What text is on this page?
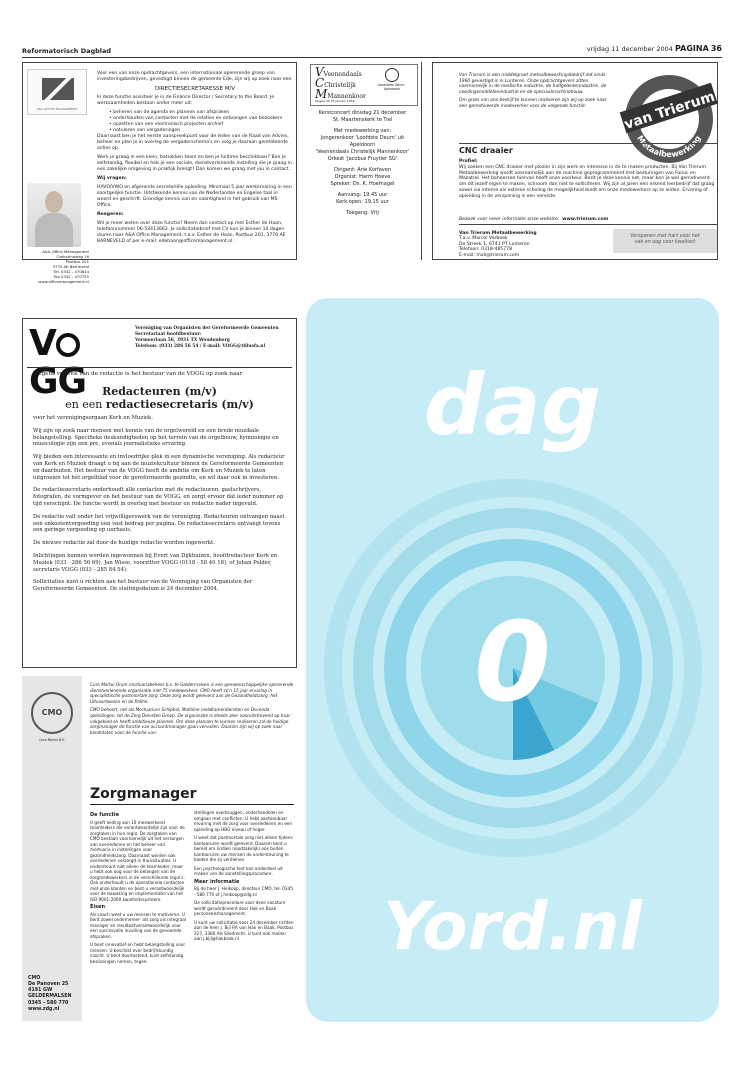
Reformatorisch Dagblad	vrijdag 11 december 2004 PAGINA 36
A&A OFFICE MANAGEMENT
A&A Office Management
Catharinaweg 16
Postbus 201
3770 AE Barneveld
Tel. 0342 - 470844
Fax 0342 - 470755
www.officemanagement.nl

Voor een van onze opdrachtgevers, een internationaal opererende groep van investeringsbedrijven, gevestigd binnen de gemeente Ede, zijn wij op zoek naar een

DIRECTIESECRETARESSE M/V

In deze functie assisteer je in de Finance Director / Secretary to the Board. Je werkzaamheden bestaan onder meer uit:

• beheren van de agenda en plannen van afspraken
• onderhouden van contacten met de relaties en ontvangen van bezoekers
• opzetten van een electronisch projecten archief
• notuleren van vergaderingen

Daarnaast ben je het eerste aanspreekpunt voor de leden van de Raad van Advies, beheer en plan je in overleg de vergaderschema's en volg je daaraan gerelateerde acties op.

Werk je graag in een klein, betrokken team en ben je fulltime beschikbaar? Ben je zelfstandig, flexibel en heb je een sociale, dienstverlenende instelling die je graag in een zakelijke omgeving in praktijk brengt? Dan komen we graag met jou in contact.

Wij vragen:

HAVO/VWO en afgeronde secretariële opleiding. Minimaal 5 jaar werkervaring in een soortgelijke functie. Uitstekende kennis van de Nederlandse en Engelse taal in woord en geschrift. Grondige kennis van en vaardigheid in het gebruik van MS Office.

Reageren:

Wil je meer weten over deze functie? Neem dan contact op met Esther de Haan, telefoonnummer 06-53413663. Je sollicitatiebrief met CV kun je binnen 14 dagen sturen naar A&A Office Management, t.a.v. Esther de Haan, Postbus 201, 3770 AE BARNEVELD of per e-mail: edehaan@officemanagement.nl.

VVeenendaals
CChristelijk
MMannenkoor
Opgericht 23 januari 1956
Loodsteen Deum · Apeldoorn

Kerstconcert dinsdag 21 december
St. Maartenskerk te Tiel

Met medewerking van:
Jongerenkoor 'Loofdste Deum' uit Apeldoorn
'Veenendaals Christelijk Mannenkoor'
Orkest 'Jacobus Fruytier SG'

Dirigent: Arie Korfaven
Organist: Harm Hoeve
Spreker: Ds. K. Hoefnagel

Aanvang: 19.45 uur
Kerk open: 19.15 uur

Toegang: Vrij

Van Trierum is een middelgroot metaalbewerkingsbedrijf dat sinds 1960 gevestigd is in Lunteren. Onze opdrachtgevers zitten voornamelijk in de medische industrie, de halfgeleiderindustrie, de voedingsmiddelenindustrie en de speciaalmachinebouw.

Om groei van ons bedrijf te kunnen realiseren zijn wij op zoek naar een gemotiveerde medewerker voor de volgende functie:	van Trierum
Metaalbewerking
CNC draaier
Profiel:
Wij zoeken een CNC draaier met plezier in zijn werk en interesse in de te maken producten. Bij Van Trierum Metaalbewerking wordt voornamelijk aan de machine geprogrammeerd met besturingen van Fanuc en Mazatrol. Het beheersen hiervan heeft onze voorkeur. Bezit je deze kennis net, maar ben je wel gemotiveerd om dit jezelf eigen te maken, schroom dan niet te solliciteren. Wij zijn al jaren een erkend leerbedrijf dat graag zowel via interne als externe scholing de mogelijkheid biedt om onze medewerkers op te leiden. Ervaring of opleiding in de verspaning is een vereiste.
Bezoek voor meer informatie onze website: www.trierum.com
Van Trierum Metaalbewerking
T.a.v. Marcel Verbeek
De Streek 1, 6741 PT Lunteren
Telefoon: 0318-485778
E-mail: mail@trierum.com
Verspanen met hart voor het
vak en oog voor kwaliteit
VGG
Vereniging van Organisten der Gereformeerde Gemeenten
Secretariaat hoofdbestuur:
Vermeerlaan 56, 3931 TX Woudenberg
Telefoon: (033) 286 56 54 / E-mail: VOGG@tiliusfa.nl
Wegens vertrek van de redactie is het bestuur van de VOGG op zoek naar
Redacteuren (m/v)
en een redactiesecretaris (m/v)

voor het verenigingsorgaan Kerk en Muziek.

Wij zijn op zoek naar mensen met kennis van de orgelwereld en een brede muzikale belangstelling. Specifieke deskundigheden op het terrein van de orgelbouw, hymnologie en musicologie zijn een pre, evenals journalistieke ervaring.

Wij bieden een interessante en invloedrijke plek in een dynamische vereniging. Als redacteur van Kerk en Muziek draagt u bij aan de muziekcultuur binnen de Gereformeerde Gemeenten en daarbuiten. Het bestuur van de VOGG heeft de ambitie om Kerk en Muziek te laten uitgroeien tot hét orgelblad voor de gereformeerde gezindte, en wil daar ook in investeren.

De redactiesecretaris onderhoudt alle contacten met de redacteuren, gastschrijvers, fotografen, de vormgever en het bestuur van de VOGG, en zorgt ervoor dat ieder nummer op tijd verschijnt. De functie wordt in overleg met bestuur en redactie nader ingevuld.

De redactie valt onder het vrijwilligerswerk van de vereniging. Redacteuren ontvangen naast een onkostenvergoeding een vast bedrag per pagina. De redactiesecretaris ontvangt tevens een geringe vergoeding op uurbasis.

De nieuwe redactie zal door de huidige redactie worden ingewerkt.

Inlichtingen kunnen worden ingewonnen bij Evert van Dijkhuizen, hoofdredacteur Kerk en Muziek (033 - 286 56 69), Jan Wisse, voorzitter VOGG (0118 - 58 40 18), of Johan Polder, secretaris VOGG (033 - 285 84 54).

Sollicitaties kunt u richten aan het bestuur van de Vereniging van Organisten der Gereformeerde Gemeenten. De sluitingsdatum is 24 december 2004.

CMO
Curo Mortui B.V.
CMO
De Panoven 25
4191 GW GELDERMALSEN
0345 - 580 770
www.zdg.nl

Curo Mortui Orum mortuariabeheer b.v. te Geldermalsen is een gemeenschappelijke opererende dienstverlenende organisatie met 75 medewerkers. CMO heeft zo'n 15 jaar ervaring in specialistische postmortale zorg. Deze zorg wordt geleverd aan de Gezondheidszorg, het Uitvaartwezen en de Politie.

CMO behoort, net als Mortuarium Schiphol, Multiline meldkamerdiensten en Docenda opleidingen, tot de Zorg Diensten Groep. De organisatie is steeds zeer vooruitstrevend op haar vakgebied en heeft ambitieuze plannen. Om deze plannen te kunnen realiseren zal de huidige zorgmanager de functie van accountmanager gaan vervullen. Daarom zijn wij op zoek naar kandidaten voor de functie van:

Zorgmanager
De functie

U geeft leiding aan 10 meewerkend teamleiders die verantwoordelijk zijn voor de zorgtaken in hun regio. De zorgtaken van CMO bestaan voornamelijk uit het verzorgen van overledenen en het beheer van mortuaria in instellingen voor gezondheidszorg. Daarnaast worden ook overledenen verzorgd in thuissituaties. U ondersteunt niet alleen de teamleider, maar u hebt ook oog voor de belangen van de zorgmedewerkers in de verschillende regio's. Ook onderhoudt u de operationele contacten met onze klanten en bent u verantwoordelijk voor de bewaking en implementatie van het ISO 9001:2000 kwaliteitssysteem.

Eisen

Als coach weet u uw mensen te motiveren. U bent zowel ondernemer- als zorg als integraal manager en resultaatverantwoordelijk voor een succesvolle invulling van de genoemde afspraken.

U bent innovatief en hebt belangstelling voor mensen. U beschikt over bedrijfskundig inzicht. U bent doortastend, kunt zelfstandig beslissingen nemen, tegen-

stellingen overbruggen, onderhandelen en omgaan met conflicten. U hebt aantoonbaar ervaring met de zorg voor overledenen en een opleiding op HBO niveau of hoger.

U weet dat postmortale zorg niet alleen tijdens kantooruren wordt geleverd. Daarom bent u bereid om (indien noodzakelijk) ook buiten kantooruren uw mensen de ondersteuning te bieden die zij verdienen.

Een psychologische test kan onderdeel uit maken van de aanstellingsprocedure.

Meer informatie

Bij de heer J. Heikoop, directeur CMO, tel. 0345 - 580 770 of j.heikoop@zdg.nl

De sollicitatieprocedure voor deze vacature wordt gecoördineerd door Hak en Baak personeelsmanagement.

U kunt uw sollicitatie voor 24 december richten aan de heer J. Bijl RA van Hak en Baak, Postbus 327, 3360 AH Sliedrecht. U kunt ook mailen aan j.bijl@hakbaak.nl

dag
0
Yord.nl
